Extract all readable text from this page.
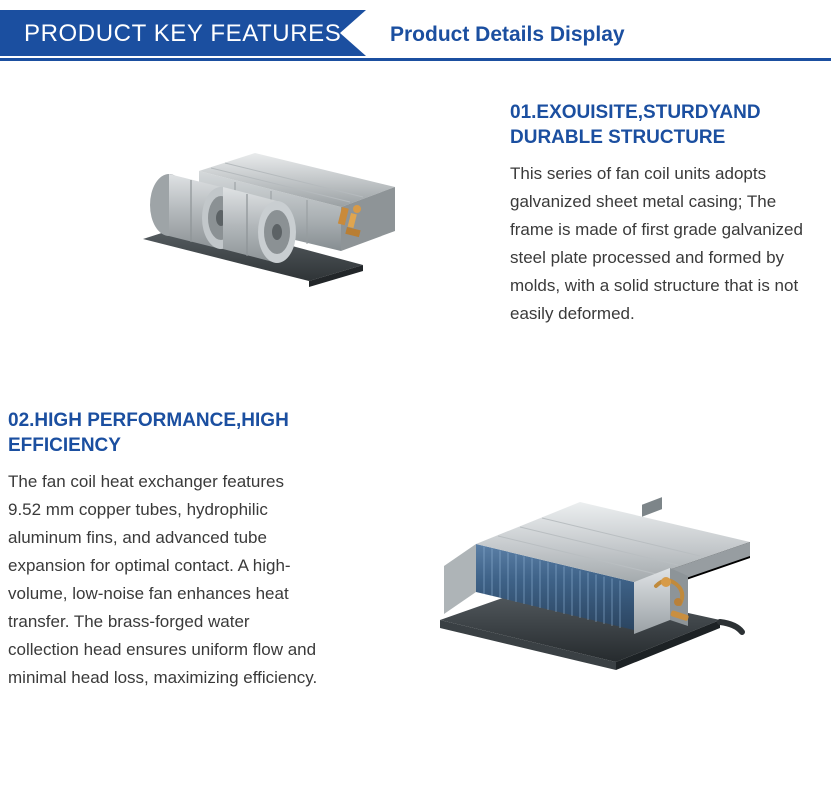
PRODUCT KEY FEATURES Product Details Display

01.EXOUISITE,STURDYAND DURABLE STRUCTURE

This series of fan coil units adopts galvanized sheet metal casing; The frame is made of first grade galvanized steel plate processed and formed by molds, with a solid structure that is not easily deformed.

02.HIGH PERFORMANCE,HIGH EFFICIENCY

The fan coil heat exchanger features 9.52 mm copper tubes, hydrophilic aluminum fins, and advanced tube expansion for optimal contact. A high-volume, low-noise fan enhances heat transfer. The brass-forged water collection head ensures uniform flow and minimal head loss, maximizing efficiency.
